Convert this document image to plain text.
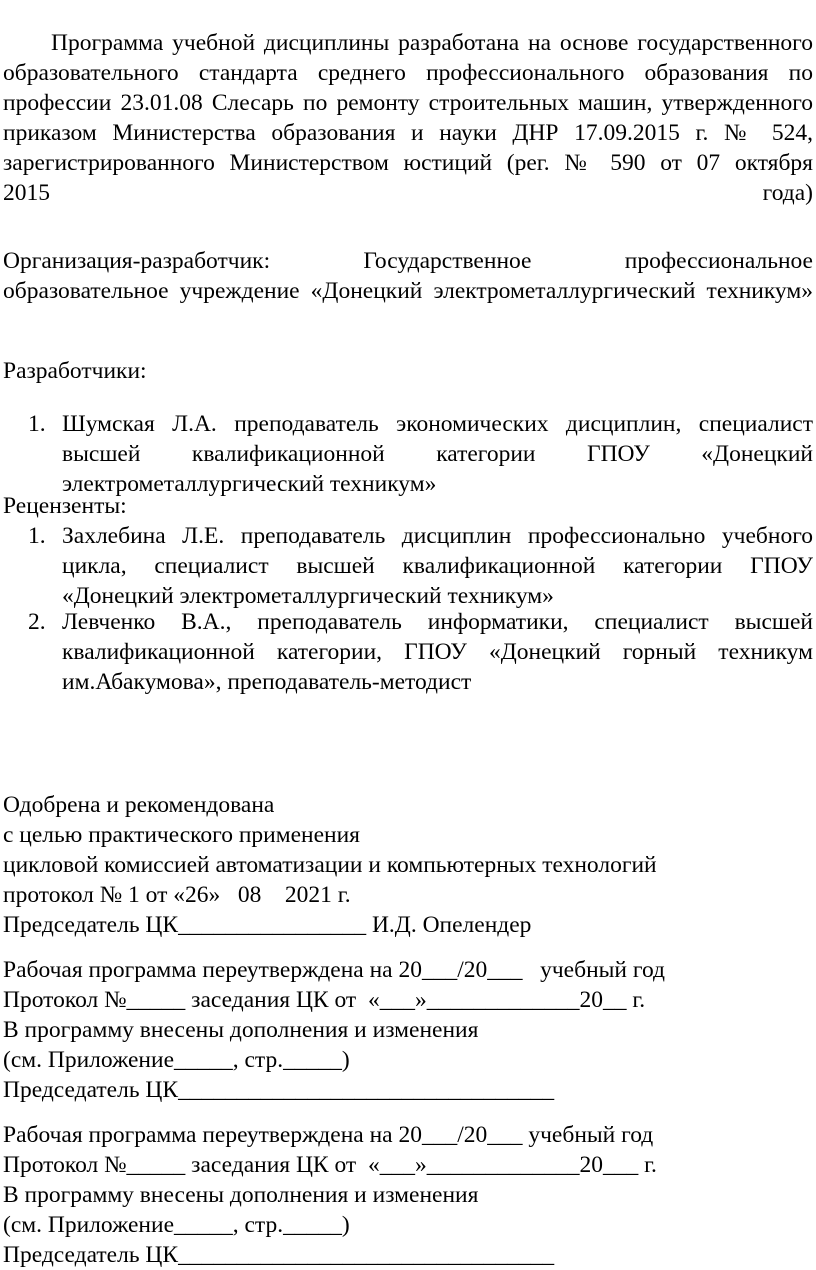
Программа учебной дисциплины разработана на основе государственного
образовательного стандарта среднего профессионального образования по
профессии 23.01.08 Слесарь по ремонту строительных машин, утвержденного
приказом Министерства образования и науки ДНР 17.09.2015 г. № 524,
зарегистрированного Министерством юстиций (рег. № 590 от 07 октября
2015 года)
Организация-разработчик: Государственное профессиональное
образовательное учреждение «Донецкий электрометаллургический техникум»
Разработчики:
1. Шумская Л.А. преподаватель экономических дисциплин, специалист
высшей квалификационной категории ГПОУ «Донецкий
электрометаллургический техникум»
Рецензенты:
1. Захлебина Л.Е. преподаватель дисциплин профессионально учебного
цикла, специалист высшей квалификационной категории ГПОУ
«Донецкий электрометаллургический техникум»
2. Левченко В.А., преподаватель информатики, специалист высшей
квалификационной категории, ГПОУ «Донецкий горный техникум
им.Абакумова», преподаватель-методист
Одобрена и рекомендована
с целью практического применения
цикловой комиссией автоматизации и компьютерных технологий
протокол № 1 от «26»   08    2021 г.
Председатель ЦК________________ И.Д. Опелендер
Рабочая программа переутверждена на 20___/20___   учебный год
Протокол №_____ заседания ЦК от  «___»_____________20__ г.
В программу внесены дополнения и изменения
(см. Приложение_____, стр._____)
Председатель ЦК________________________________
Рабочая программа переутверждена на 20___/20___ учебный год
Протокол №_____ заседания ЦК от  «___»_____________20___ г.
В программу внесены дополнения и изменения
(см. Приложение_____, стр._____)
Председатель ЦК________________________________
